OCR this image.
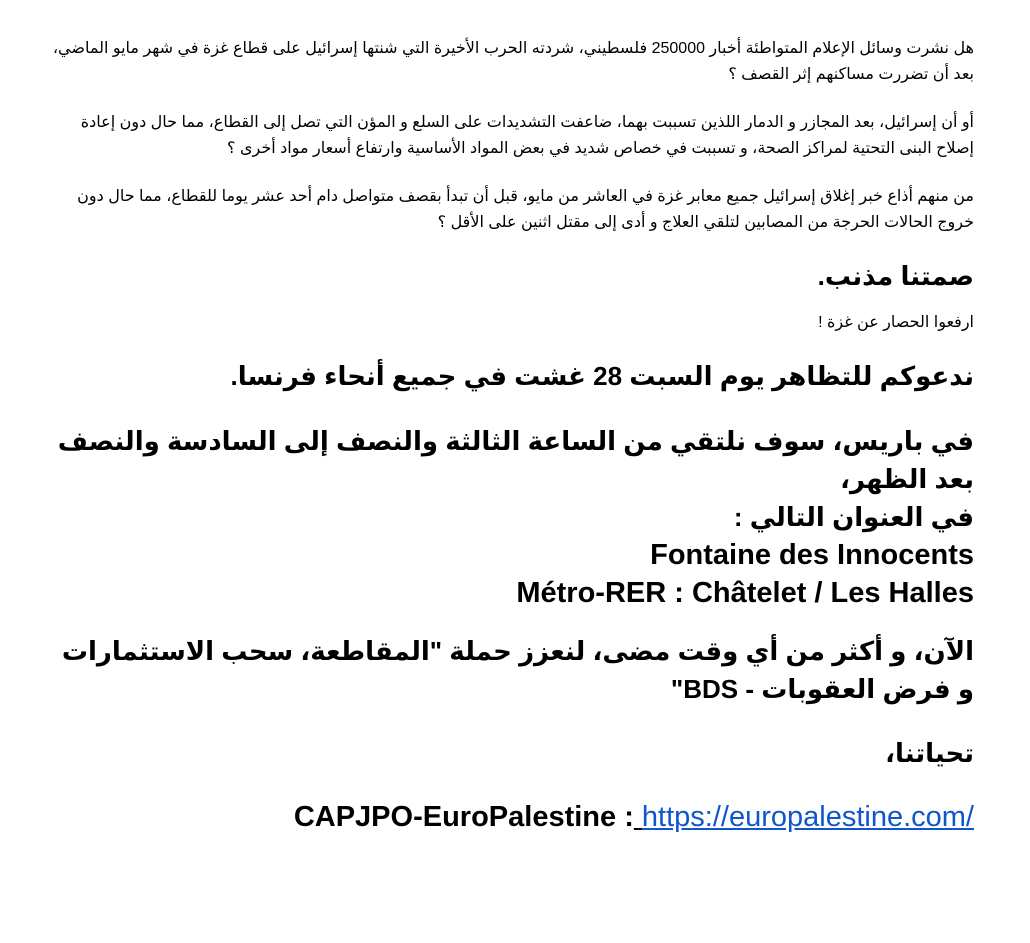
هل نشرت وسائل الإعلام المتواطئة أخبار 250000 فلسطيني، شردته الحرب الأخيرة التي شنتها إسرائيل على قطاع غزة في شهر مايو الماضي، بعد أن تضررت مساكنهم إثر القصف ؟

أو أن إسرائيل، بعد المجازر و الدمار اللذين تسببت بهما، ضاعفت التشديدات على السلع و المؤن التي تصل إلى القطاع، مما حال دون إعادة إصلاح البنى التحتية لمراكز الصحة، و تسببت في خصاص شديد في بعض المواد الأساسية وارتفاع أسعار مواد أخرى ؟

من منهم أذاع خبر إغلاق إسرائيل جميع معابر غزة في العاشر من مايو، قبل أن تبدأ بقصف متواصل دام أحد عشر يوما للقطاع، مما حال دون خروج الحالات الحرجة من المصابين لتلقي العلاج و أدى إلى مقتل اثنين على الأقل ؟

صمتنا مذنب.

ارفعوا الحصار عن غزة !

ندعوكم للتظاهر يوم السبت 28 غشت في جميع أنحاء فرنسا.

في باريس، سوف نلتقي من الساعة الثالثة والنصف إلى السادسة والنصف بعد الظهر،

في العنوان التالي :

Fontaine des Innocents

Métro-RER : Châtelet / Les Halles

الآن، و أكثر من أي وقت مضى، لنعزز حملة "المقاطعة، سحب الاستثمارات و فرض العقوبات - BDS"

تحياتنا،

CAPJPO-EuroPalestine : https://europalestine.com/
